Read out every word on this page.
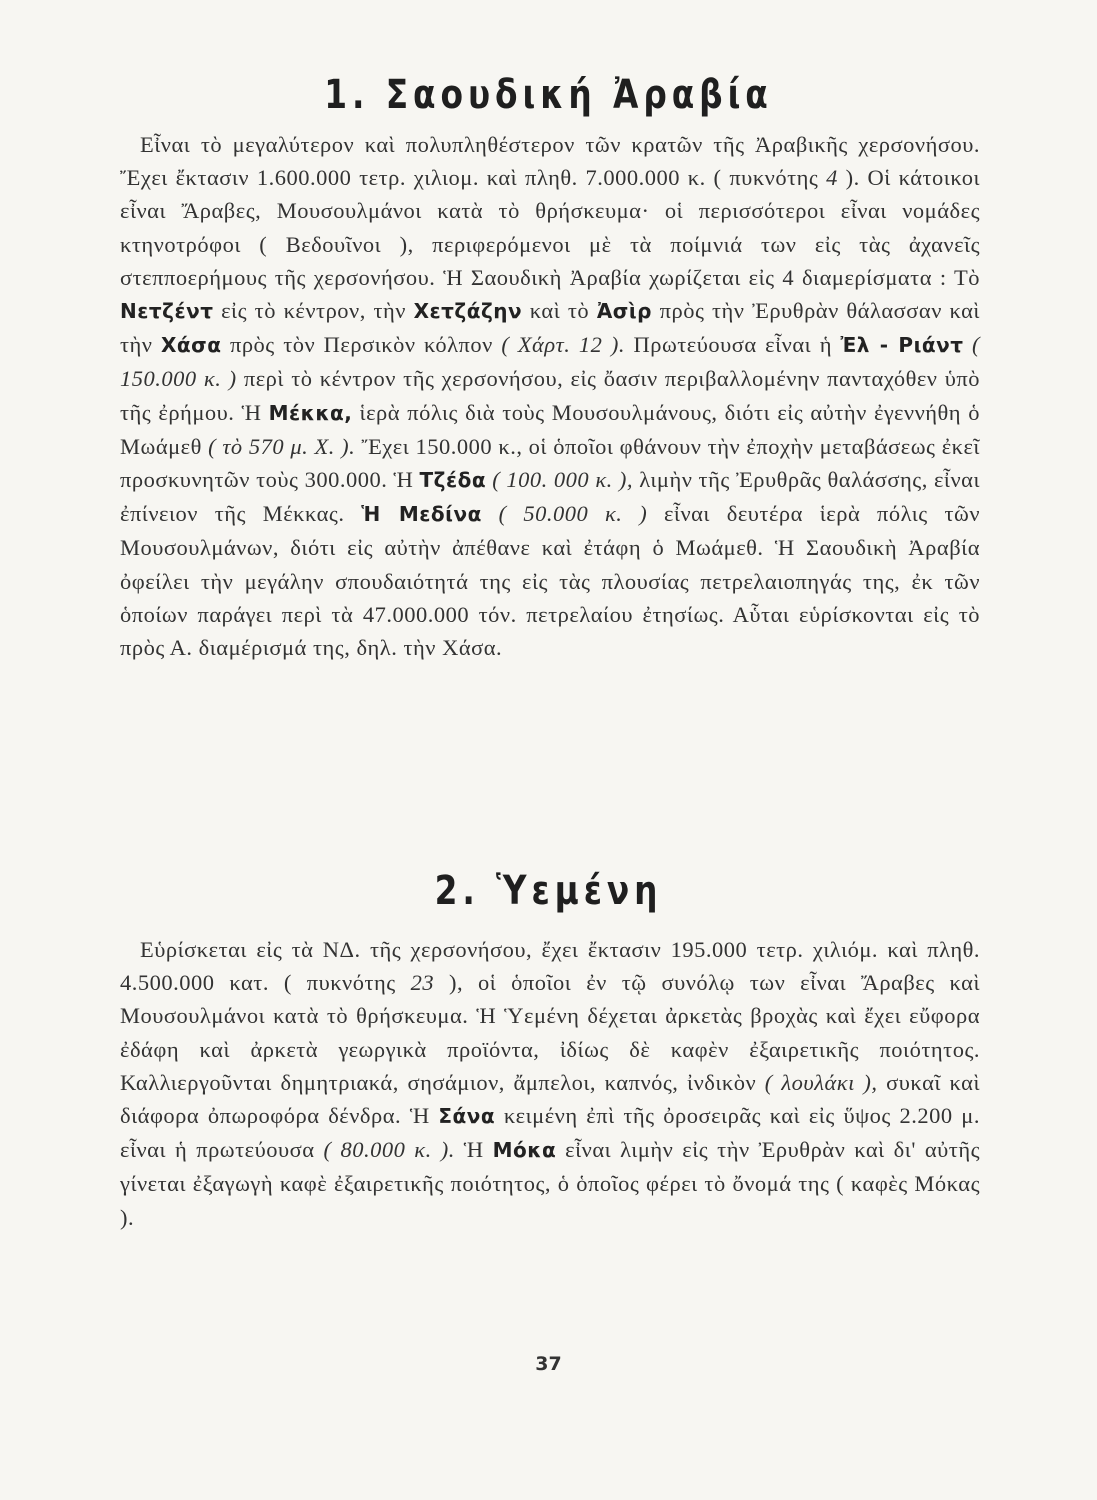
1. Σαουδική Ἀραβία

Εἶναι τὸ μεγαλύτερον καὶ πολυπληθέστερον τῶν κρατῶν τῆς Ἀραβικῆς χερσονήσου. Ἔχει ἔκτασιν 1.600.000 τετρ. χιλιομ. καὶ πληθ. 7.000.000 κ. ( πυκνότης 4 ). Οἱ κάτοικοι εἶναι Ἄραβες, Μουσουλμάνοι κατὰ τὸ θρήσκευμα· οἱ περισσότεροι εἶναι νομάδες κτηνοτρόφοι ( Βεδουῖνοι ), περιφερόμενοι μὲ τὰ ποίμνιά των εἰς τὰς ἀχανεῖς στεπποερήμους τῆς χερσονήσου. Ἡ Σαουδικὴ Ἀραβία χωρίζεται εἰς 4 διαμερίσματα : Τὸ Νετζέντ εἰς τὸ κέντρον, τὴν Χετζάζην καὶ τὸ Ἀσὶρ πρὸς τὴν Ἐρυθρὰν θάλασσαν καὶ τὴν Χάσα πρὸς τὸν Περσικὸν κόλπον ( Χάρτ. 12 ). Πρωτεύουσα εἶναι ἡ Ἐλ - Ριάντ ( 150.000 κ. ) περὶ τὸ κέντρον τῆς χερσονήσου, εἰς ὄασιν περιβαλλομένην πανταχόθεν ὑπὸ τῆς ἐρήμου. Ἡ Μέκκα, ἱερὰ πόλις διὰ τοὺς Μουσουλμάνους, διότι εἰς αὐτὴν ἐγεννήθη ὁ Μωάμεθ ( τὸ 570 μ. Χ. ). Ἔχει 150.000 κ., οἱ ὁποῖοι φθάνουν τὴν ἐποχὴν μεταβάσεως ἐκεῖ προσκυνητῶν τοὺς 300.000. Ἡ Τζέδα ( 100. 000 κ. ), λιμὴν τῆς Ἐρυθρᾶς θαλάσσης, εἶναι ἐπίνειον τῆς Μέκκας. Ἡ Μεδίνα ( 50.000 κ. ) εἶναι δευτέρα ἱερὰ πόλις τῶν Μουσουλμάνων, διότι εἰς αὐτὴν ἀπέθανε καὶ ἐτάφη ὁ Μωάμεθ. Ἡ Σαουδικὴ Ἀραβία ὀφείλει τὴν μεγάλην σπουδαιότητά της εἰς τὰς πλουσίας πετρελαιοπηγάς της, ἐκ τῶν ὁποίων παράγει περὶ τὰ 47.000.000 τόν. πετρελαίου ἐτησίως. Αὗται εὑρίσκονται εἰς τὸ πρὸς Α. διαμέρισμά της, δηλ. τὴν Χάσα.

2. Ὑεμένη

Εὑρίσκεται εἰς τὰ ΝΔ. τῆς χερσονήσου, ἔχει ἔκτασιν 195.000 τετρ. χιλιόμ. καὶ πληθ. 4.500.000 κατ. ( πυκνότης 23 ), οἱ ὁποῖοι ἐν τῷ συνόλῳ των εἶναι Ἄραβες καὶ Μουσουλμάνοι κατὰ τὸ θρήσκευμα. Ἡ Ὑεμένη δέχεται ἀρκετὰς βροχὰς καὶ ἔχει εὔφορα ἐδάφη καὶ ἀρκετὰ γεωργικὰ προϊόντα, ἰδίως δὲ καφὲν ἐξαιρετικῆς ποιότητος. Καλλιεργοῦνται δημητριακά, σησάμιον, ἄμπελοι, καπνός, ἰνδικὸν ( λουλάκι ), συκαῖ καὶ διάφορα ὀπωροφόρα δένδρα. Ἡ Σάνα κειμένη ἐπὶ τῆς ὀροσειρᾶς καὶ εἰς ὕψος 2.200 μ. εἶναι ἡ πρωτεύουσα ( 80.000 κ. ). Ἡ Μόκα εἶναι λιμὴν εἰς τὴν Ἐρυθρὰν καὶ δι' αὐτῆς γίνεται ἐξαγωγὴ καφὲ ἐξαιρετικῆς ποιότητος, ὁ ὁποῖος φέρει τὸ ὄνομά της ( καφὲς Μόκας ).

37
